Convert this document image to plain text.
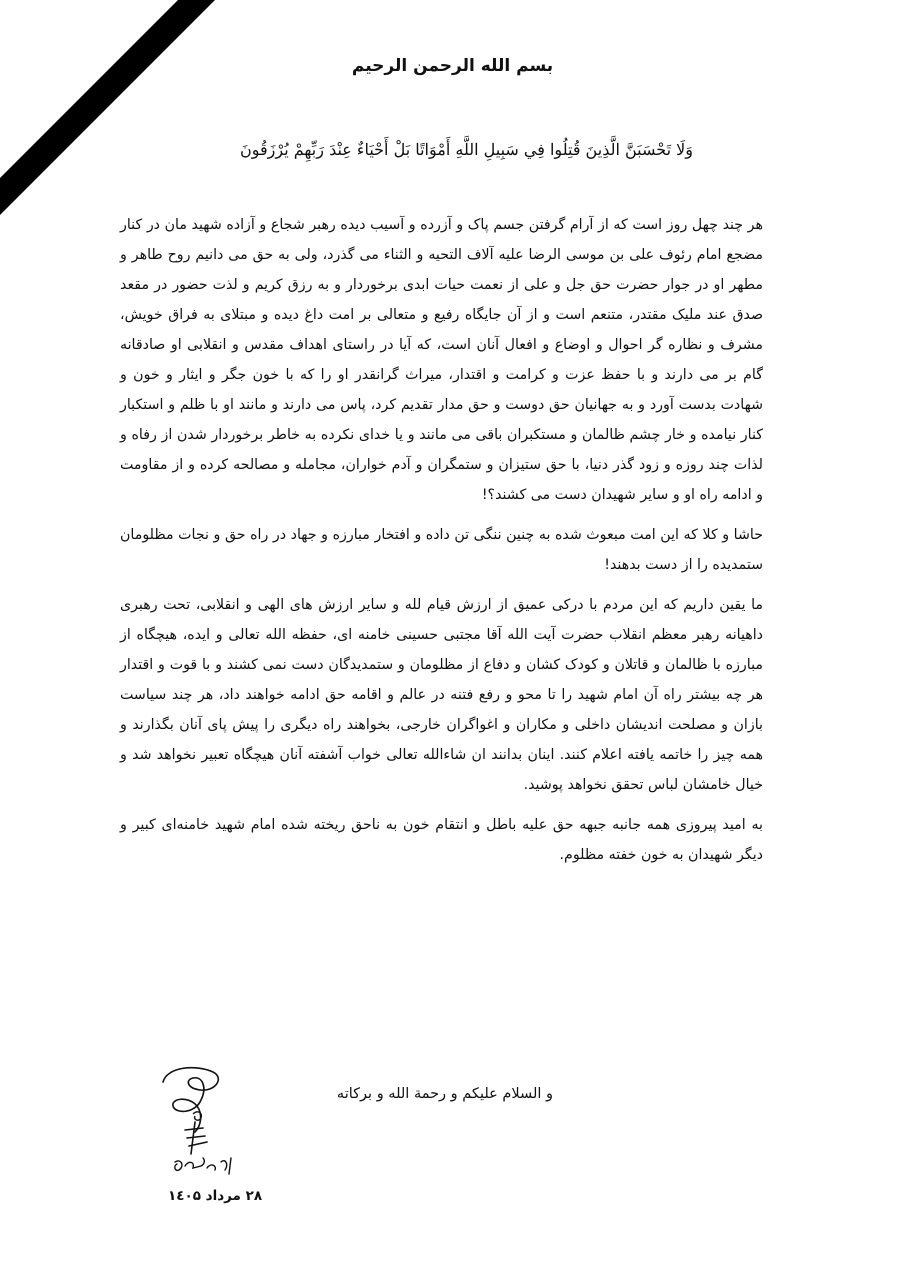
بسم الله الرحمن الرحیم
وَلَا تَحْسَبَنَّ الَّذِينَ قُتِلُوا فِي سَبِيلِ اللَّهِ أَمْوَاتًا بَلْ أَحْيَاءٌ عِنْدَ رَبِّهِمْ يُرْزَقُونَ

هر چند چهل روز است که از آرام گرفتن جسم پاک و آزرده و آسیب دیده رهبر شجاع و آزاده شهید مان در کنار مضجع امام رئوف علی بن موسی الرضا علیه آلاف التحیه و الثناء می گذرد، ولی به حق می دانیم روح طاهر و مطهر او در جوار حضرت حق جل و علی از نعمت حیات ابدی برخوردار و به رزق کریم و لذت حضور در مقعد صدق عند ملیک مقتدر، متنعم است و از آن جایگاه رفیع و متعالی بر امت داغ دیده و مبتلای به فراق خویش، مشرف و نظاره گر احوال و اوضاع و افعال آنان است، که آیا در راستای اهداف مقدس و انقلابی او صادقانه گام بر می دارند و با حفظ عزت و کرامت و اقتدار، میراث گرانقدر او را که با خون جگر و ایثار و خون و شهادت بدست آورد و به جهانیان حق دوست و حق مدار تقدیم کرد، پاس می دارند و مانند او با ظلم و استکبار کنار نیامده و خار چشم ظالمان و مستکبران باقی می مانند و یا خدای نکرده به خاطر برخوردار شدن از رفاه و لذات چند روزه و زود گذر دنیا، با حق ستیزان و ستمگران و آدم خواران، مجامله و مصالحه کرده و از مقاومت و ادامه راه او و سایر شهیدان دست می کشند؟!

حاشا و کلا که این امت مبعوث شده به چنین ننگی تن داده و افتخار مبارزه و جهاد در راه حق و نجات مظلومان ستمدیده را از دست بدهند!

ما یقین داریم که این مردم با درکی عمیق از ارزش قیام لله و سایر ارزش های الهی و انقلابی، تحت رهبری داهیانه رهبر معظم انقلاب حضرت آیت الله آقا مجتبی حسینی خامنه ای، حفظه الله تعالی و ایده، هیچگاه از مبارزه با ظالمان و قاتلان و کودک کشان و دفاع از مظلومان و ستمدیدگان دست نمی کشند و با قوت و اقتدار هر چه بیشتر راه آن امام شهید را تا محو و رفع فتنه در عالم و اقامه حق ادامه خواهند داد، هر چند سیاست بازان و مصلحت اندیشان داخلی و مکاران و اغواگران خارجی، بخواهند راه دیگری را پیش پای آنان بگذارند و همه چیز را خاتمه یافته اعلام کنند. اینان بدانند ان شاءالله تعالی خواب آشفته آنان هیچگاه تعبیر نخواهد شد و خیال خامشان لباس تحقق نخواهد پوشید.

به امید پیروزی همه جانبه جبهه حق علیه باطل و انتقام خون به ناحق ریخته شده امام شهید خامنه‌ای کبیر و دیگر شهیدان به خون خفته مظلوم.

و السلام علیکم و رحمة الله و برکاته
۲۸ مرداد ۱٤۰۵
